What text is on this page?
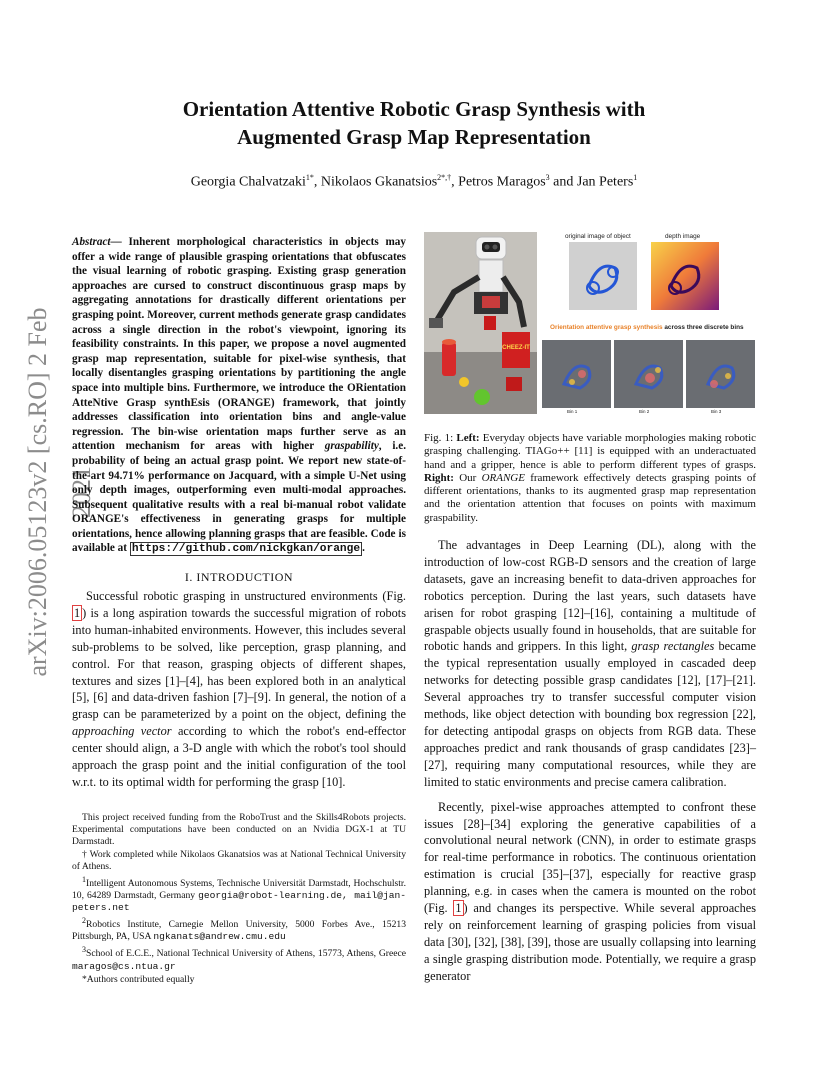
Orientation Attentive Robotic Grasp Synthesis with
Augmented Grasp Map Representation
Georgia Chalvatzaki$^{1*}$, Nikolaos Gkanatsios$^{2*,\dagger}$, Petros Maragos$^3$ and Jan Peters$^1$
arXiv:2006.05123v2 [cs.RO] 2 Feb 2021
Abstract— Inherent morphological characteristics in objects may offer a wide range of plausible grasping orientations that obfuscates the visual learning of robotic grasping. Existing grasp generation approaches are cursed to construct discontinuous grasp maps by aggregating annotations for drastically different orientations per grasping point. Moreover, current methods generate grasp candidates across a single direction in the robot's viewpoint, ignoring its feasibility constraints. In this paper, we propose a novel augmented grasp map representation, suitable for pixel-wise synthesis, that locally disentangles grasping orientations by partitioning the angle space into multiple bins. Furthermore, we introduce the ORientation AtteNtive Grasp synthEsis (ORANGE) framework, that jointly addresses classification into orientation bins and angle-value regression. The bin-wise orientation maps further serve as an attention mechanism for areas with higher graspability, i.e. probability of being an actual grasp point. We report new state-of-the-art 94.71% performance on Jacquard, with a simple U-Net using only depth images, outperforming even multi-modal approaches. Subsequent qualitative results with a real bi-manual robot validate ORANGE's effectiveness in generating grasps for multiple orientations, hence allowing planning grasps that are feasible. Code is available at https://github.com/nickgkan/orange .
I. INTRODUCTION
Successful robotic grasping in unstructured environments (Fig. 1 ) is a long aspiration towards the successful migration of robots into human-inhabited environments. However, this includes several sub-problems to be solved, like perception, grasp planning, and control. For that reason, grasping objects of different shapes, textures and sizes [1]–[4], has been explored both in an analytical [5], [6] and data-driven fashion [7]–[9]. In general, the notion of a grasp can be parameterized by a point on the object, defining the approaching vector according to which the robot's end-effector center should align, a 3-D angle with which the robot's tool should approach the grasp point and the initial configuration of the tool w.r.t. to its optimal width for performing the grasp [10].

This project received funding from the RoboTrust and the Skills4Robots projects. Experimental computations have been conducted on an Nvidia DGX-1 at TU Darmstadt.

† Work completed while Nikolaos Gkanatsios was at National Technical University of Athens.

$^1$Intelligent Autonomous Systems, Technische Universität Darmstadt, Hochschulstr. 10, 64289 Darmstadt, Germany georgia@robot-learning.de, mail@jan-peters.net

$^2$Robotics Institute, Carnegie Mellon University, 5000 Forbes Ave., 15213 Pittsburgh, PA, USA ngkanats@andrew.cmu.edu

$^3$School of E.C.E., National Technical University of Athens, 15773, Athens, Greece maragos@cs.ntua.gr

*Authors contributed equally

CHEEZ-IT
original image of object	depth image
Orientation attentive grasp synthesis across three discrete bins
Bin 1	Bin 2	Bin 3
Fig. 1: Left: Everyday objects have variable morphologies making robotic grasping challenging. TIAGo++ [11] is equipped with an underactuated hand and a gripper, hence is able to perform different types of grasps. Right: Our ORANGE framework effectively detects grasping points of different orientations, thanks to its augmented grasp map representation and the orientation attention that focuses on points with maximum graspability.

The advantages in Deep Learning (DL), along with the introduction of low-cost RGB-D sensors and the creation of large datasets, gave an increasing benefit to data-driven approaches for robotics perception. During the last years, such datasets have arisen for robot grasping [12]–[16], containing a multitude of graspable objects usually found in households, that are suitable for robotic hands and grippers. In this light, grasp rectangles became the typical representation usually employed in cascaded deep networks for detecting possible grasp candidates [12], [17]–[21]. Several approaches try to transfer successful computer vision methods, like object detection with bounding box regression [22], for detecting antipodal grasps on objects from RGB data. These approaches predict and rank thousands of grasp candidates [23]–[27], requiring many computational resources, while they are limited to static environments and precise camera calibration.

Recently, pixel-wise approaches attempted to confront these issues [28]–[34] exploring the generative capabilities of a convolutional neural network (CNN), in order to estimate grasps for real-time performance in robotics. The continuous orientation estimation is crucial [35]–[37], especially for reactive grasp planning, e.g. in cases when the camera is mounted on the robot (Fig. 1 ) and changes its perspective. While several approaches rely on reinforcement learning of grasping policies from visual data [30], [32], [38], [39], those are usually collapsing into learning a single grasping distribution mode. Potentially, we require a grasp generator
